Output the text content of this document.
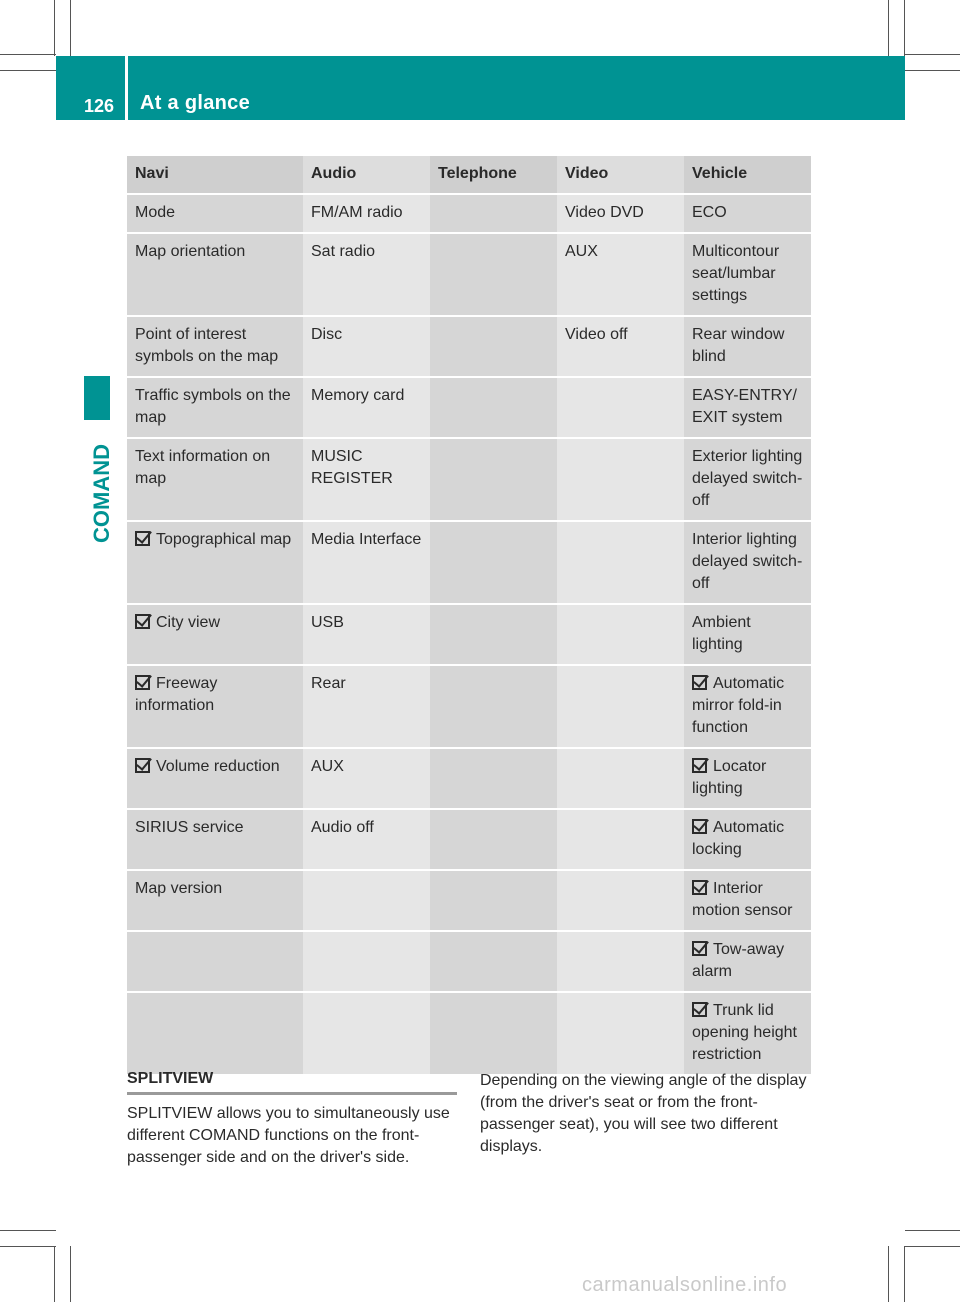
126 At a glance
COMAND
Navi	Audio	Telephone	Video	Vehicle
Mode	FM/AM radio		Video DVD	ECO
Map orientation	Sat radio		AUX	Multicontour seat/lumbar settings
Point of interest symbols on the map	Disc		Video off	Rear window blind
Traffic symbols on the map	Memory card			EASY-ENTRY/ EXIT system
Text information on map	MUSIC REGISTER			Exterior lighting delayed switch-off
Topographical map	Media Interface			Interior lighting delayed switch-off
City view	USB			Ambient lighting
Freeway information	Rear			Automatic mirror fold-in function
Volume reduction	AUX			Locator lighting
SIRIUS service	Audio off			Automatic locking
Map version				Interior motion sensor
				Tow-away alarm
				Trunk lid opening height restriction
SPLITVIEW
SPLITVIEW allows you to simultaneously use different COMAND functions on the front-passenger side and on the driver's side.
Depending on the viewing angle of the display (from the driver's seat or from the front-passenger seat), you will see two different displays.
carmanualsonline.info
